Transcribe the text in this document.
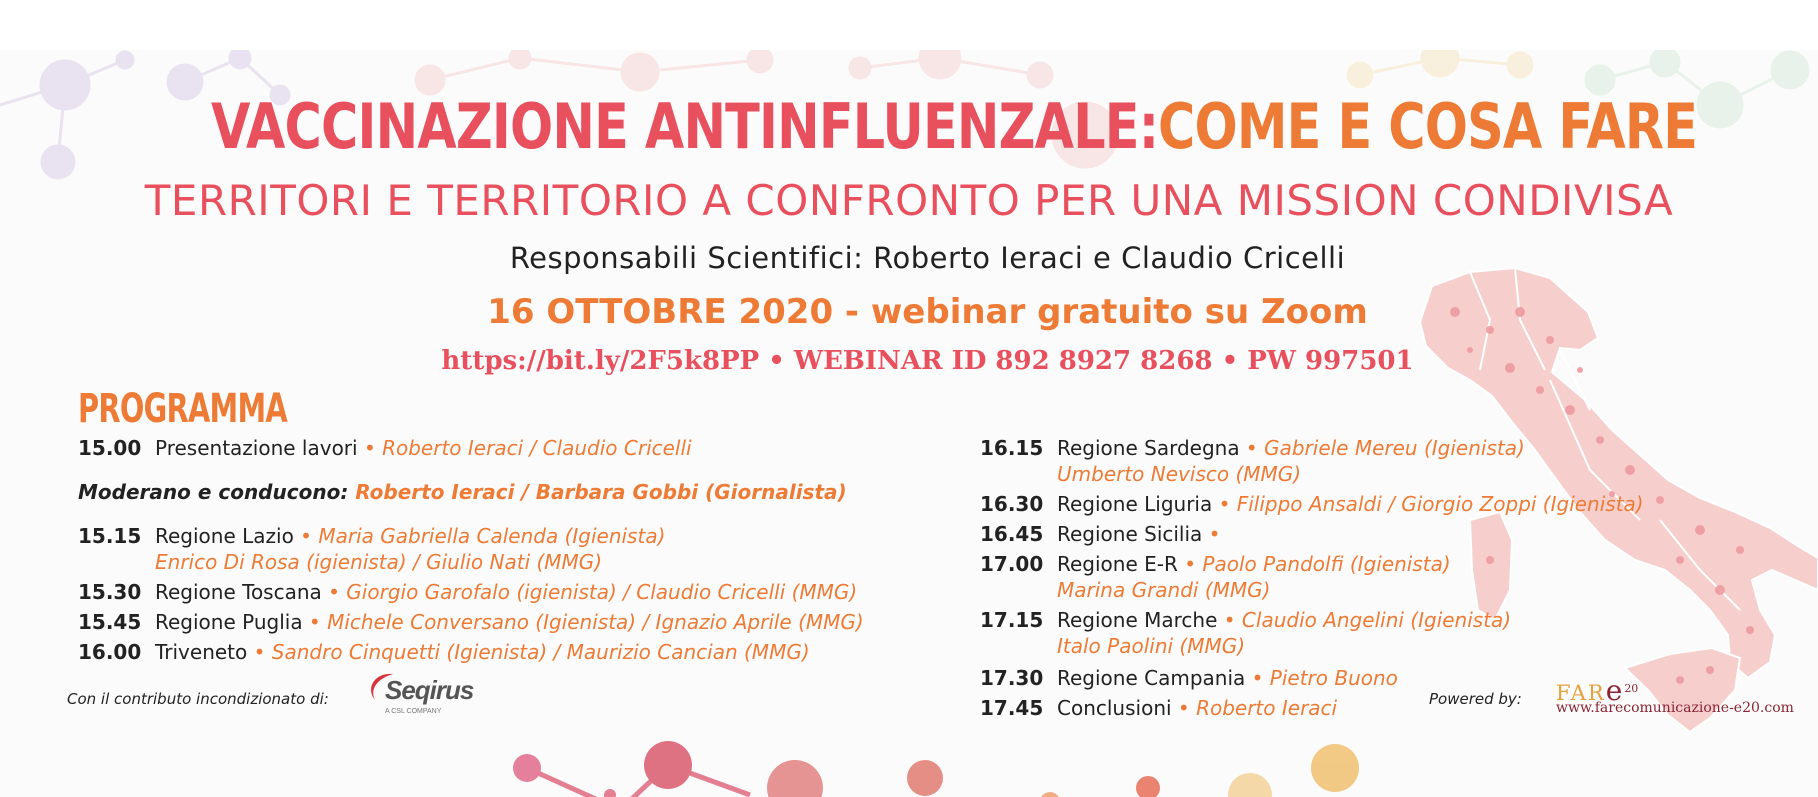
VACCINAZIONE ANTINFLUENZALE:COME E COSA FARE
TERRITORI E TERRITORIO A CONFRONTO PER UNA MISSION CONDIVISA
Responsabili Scientifici: Roberto Ieraci e Claudio Cricelli
16 OTTOBRE 2020 - webinar gratuito su Zoom
https://bit.ly/2F5k8PP • WEBINAR ID 892 8927 8268 • PW 997501
PROGRAMMA
15.00 Presentazione lavori • Roberto Ieraci / Claudio Cricelli
Moderano e conducono: Roberto Ieraci / Barbara Gobbi (Giornalista)
15.15 Regione Lazio • Maria Gabriella Calenda (Igienista)
Enrico Di Rosa (igienista) / Giulio Nati (MMG)
15.30 Regione Toscana • Giorgio Garofalo (igienista) / Claudio Cricelli (MMG)
15.45 Regione Puglia • Michele Conversano (Igienista) / Ignazio Aprile (MMG)
16.00 Triveneto • Sandro Cinquetti (Igienista) / Maurizio Cancian (MMG)
16.15 Regione Sardegna • Gabriele Mereu (Igienista)
Umberto Nevisco (MMG)
16.30 Regione Liguria • Filippo Ansaldi / Giorgio Zoppi (Igienista)
16.45 Regione Sicilia •
17.00 Regione E-R • Paolo Pandolfi (Igienista)
Marina Grandi (MMG)
17.15 Regione Marche • Claudio Angelini (Igienista)
Italo Paolini (MMG)
17.30 Regione Campania • Pietro Buono
17.45 Conclusioni • Roberto Ieraci
Con il contributo incondizionato di: Seqirus
A CSL COMPANY
Powered by: FARe$^{20}$
www.farecomunicazione-e20.com
